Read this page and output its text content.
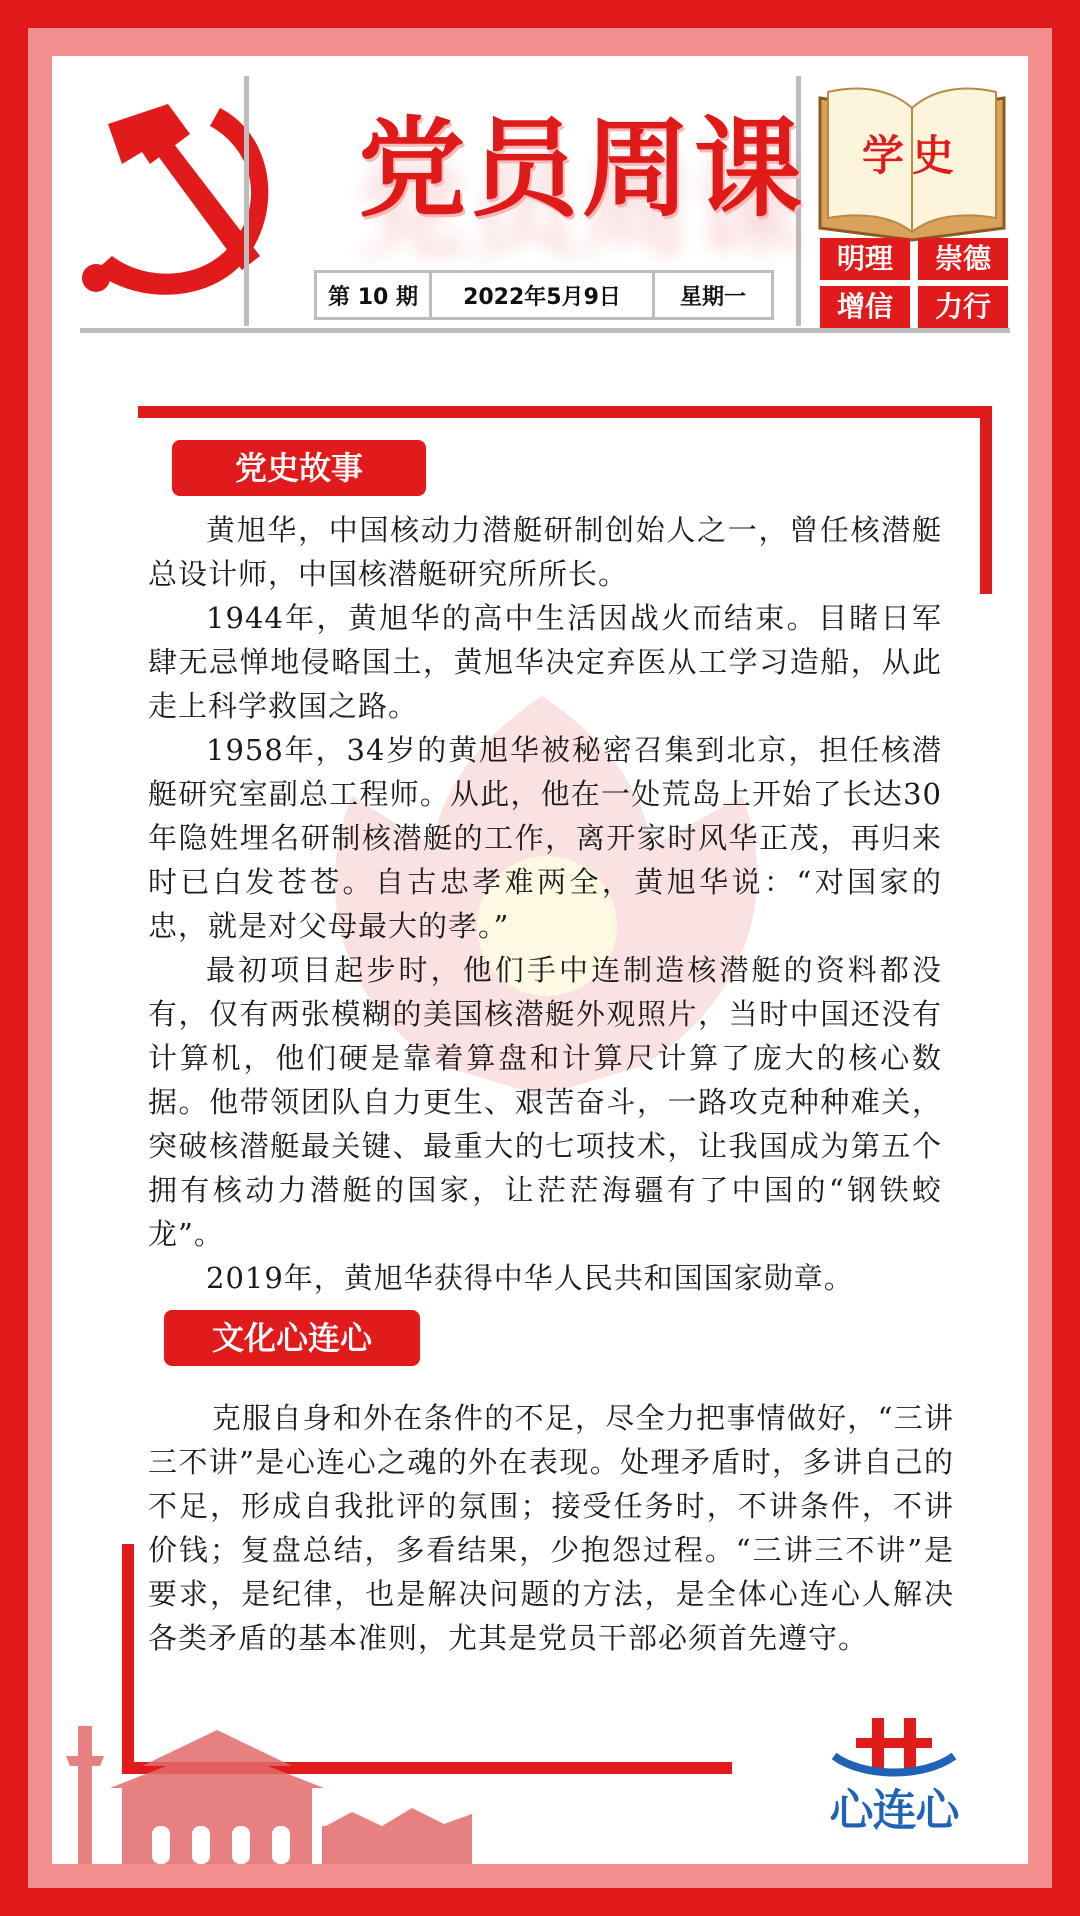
党员周课
第 10 期	2022年5月9日	星期一
学史
明理	崇德
增信	力行
党史故事

黄旭华，中国核动力潜艇研制创始人之一，曾任核潜艇总设计师，中国核潜艇研究所所长。

1944年，黄旭华的高中生活因战火而结束。目睹日军肆无忌惮地侵略国土，黄旭华决定弃医从工学习造船，从此走上科学救国之路。

1958年，34岁的黄旭华被秘密召集到北京，担任核潜艇研究室副总工程师。从此，他在一处荒岛上开始了长达30年隐姓埋名研制核潜艇的工作，离开家时风华正茂，再归来时已白发苍苍。自古忠孝难两全，黄旭华说：“对国家的忠，就是对父母最大的孝。”

最初项目起步时，他们手中连制造核潜艇的资料都没有，仅有两张模糊的美国核潜艇外观照片，当时中国还没有计算机，他们硬是靠着算盘和计算尺计算了庞大的核心数据。他带领团队自力更生、艰苦奋斗，一路攻克种种难关，突破核潜艇最关键、最重大的七项技术，让我国成为第五个拥有核动力潜艇的国家，让茫茫海疆有了中国的“钢铁蛟龙”。

2019年，黄旭华获得中华人民共和国国家勋章。

文化心连心

克服自身和外在条件的不足，尽全力把事情做好，“三讲三不讲”是心连心之魂的外在表现。处理矛盾时，多讲自己的不足，形成自我批评的氛围；接受任务时，不讲条件，不讲价钱；复盘总结，多看结果，少抱怨过程。“三讲三不讲”是要求，是纪律，也是解决问题的方法，是全体心连心人解决各类矛盾的基本准则，尤其是党员干部必须首先遵守。

心连心
